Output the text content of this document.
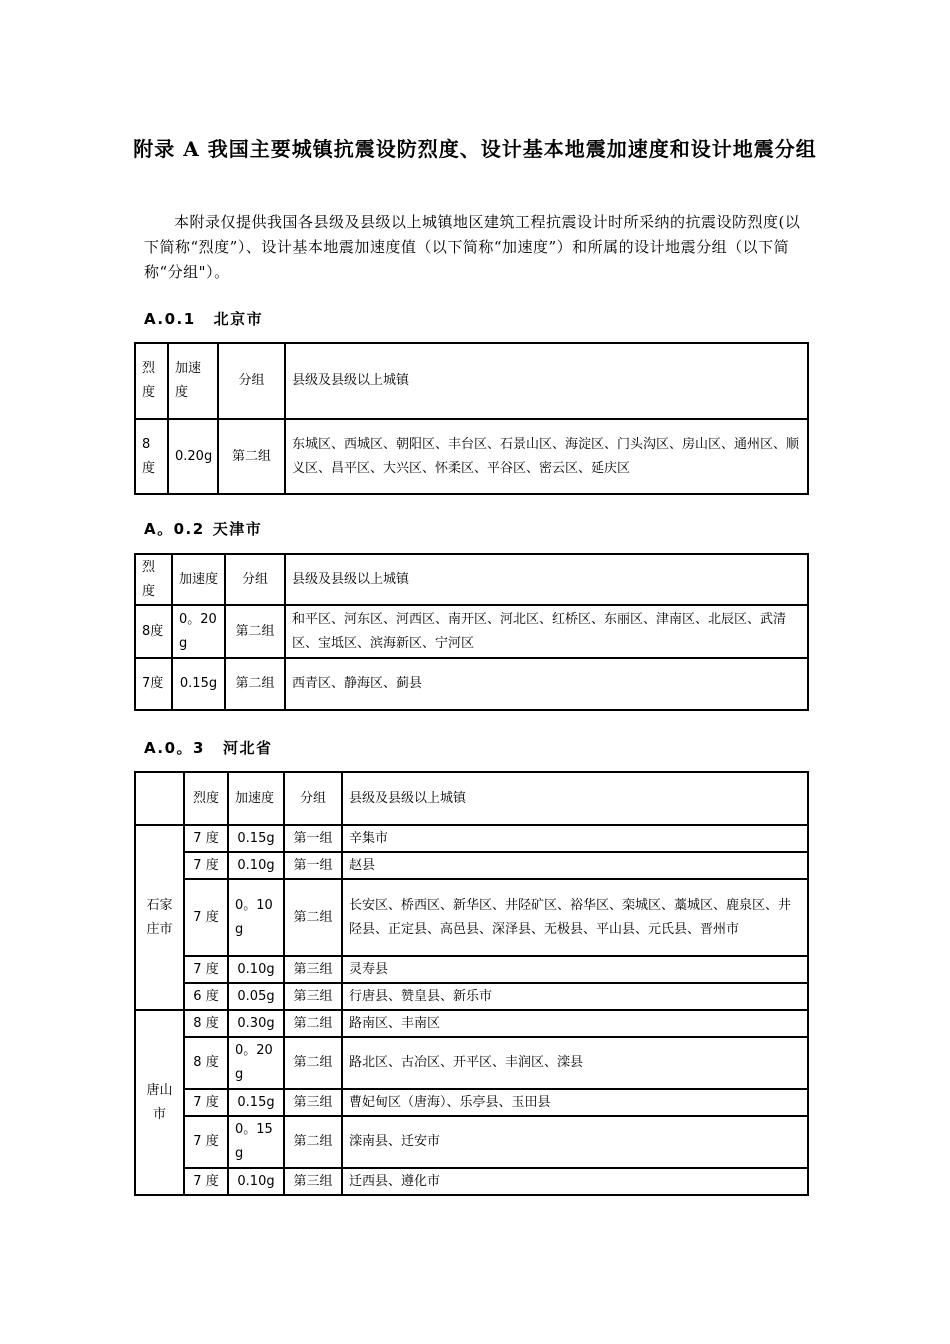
附录 A 我国主要城镇抗震设防烈度、设计基本地震加速度和设计地震分组
本附录仅提供我国各县级及县级以上城镇地区建筑工程抗震设计时所采纳的抗震设防烈度(以下简称“烈度”）、设计基本地震加速度值（以下简称“加速度”）和所属的设计地震分组（以下简称“分组"）。
A.0.1 北京市
烈度	加速度	分组	县级及县级以上城镇
8度	0.20g	第二组	东城区、西城区、朝阳区、丰台区、石景山区、海淀区、门头沟区、房山区、通州区、顺义区、昌平区、大兴区、怀柔区、平谷区、密云区、延庆区
A。0.2 天津市
烈度	加速度	分组	县级及县级以上城镇
8度	0。20g	第二组	和平区、河东区、河西区、南开区、河北区、红桥区、东丽区、津南区、北辰区、武清区、宝坻区、滨海新区、宁河区
7度	0.15g	第二组	西青区、静海区、蓟县
A.0。3 河北省
	烈度	加速度	分组	县级及县级以上城镇
石家庄市	7 度	0.15g	第一组	辛集市
	7 度	0.10g	第一组	赵县
	7 度	0。10g	第二组	长安区、桥西区、新华区、井陉矿区、裕华区、栾城区、藁城区、鹿泉区、井陉县、正定县、高邑县、深泽县、无极县、平山县、元氏县、晋州市
	7 度	0.10g	第三组	灵寿县
	6 度	0.05g	第三组	行唐县、赞皇县、新乐市
唐山市	8 度	0.30g	第二组	路南区、丰南区
	8 度	0。20g	第二组	路北区、古冶区、开平区、丰润区、滦县
	7 度	0.15g	第三组	曹妃甸区（唐海）、乐亭县、玉田县
	7 度	0。15g	第二组	滦南县、迁安市
	7 度	0.10g	第三组	迁西县、遵化市
